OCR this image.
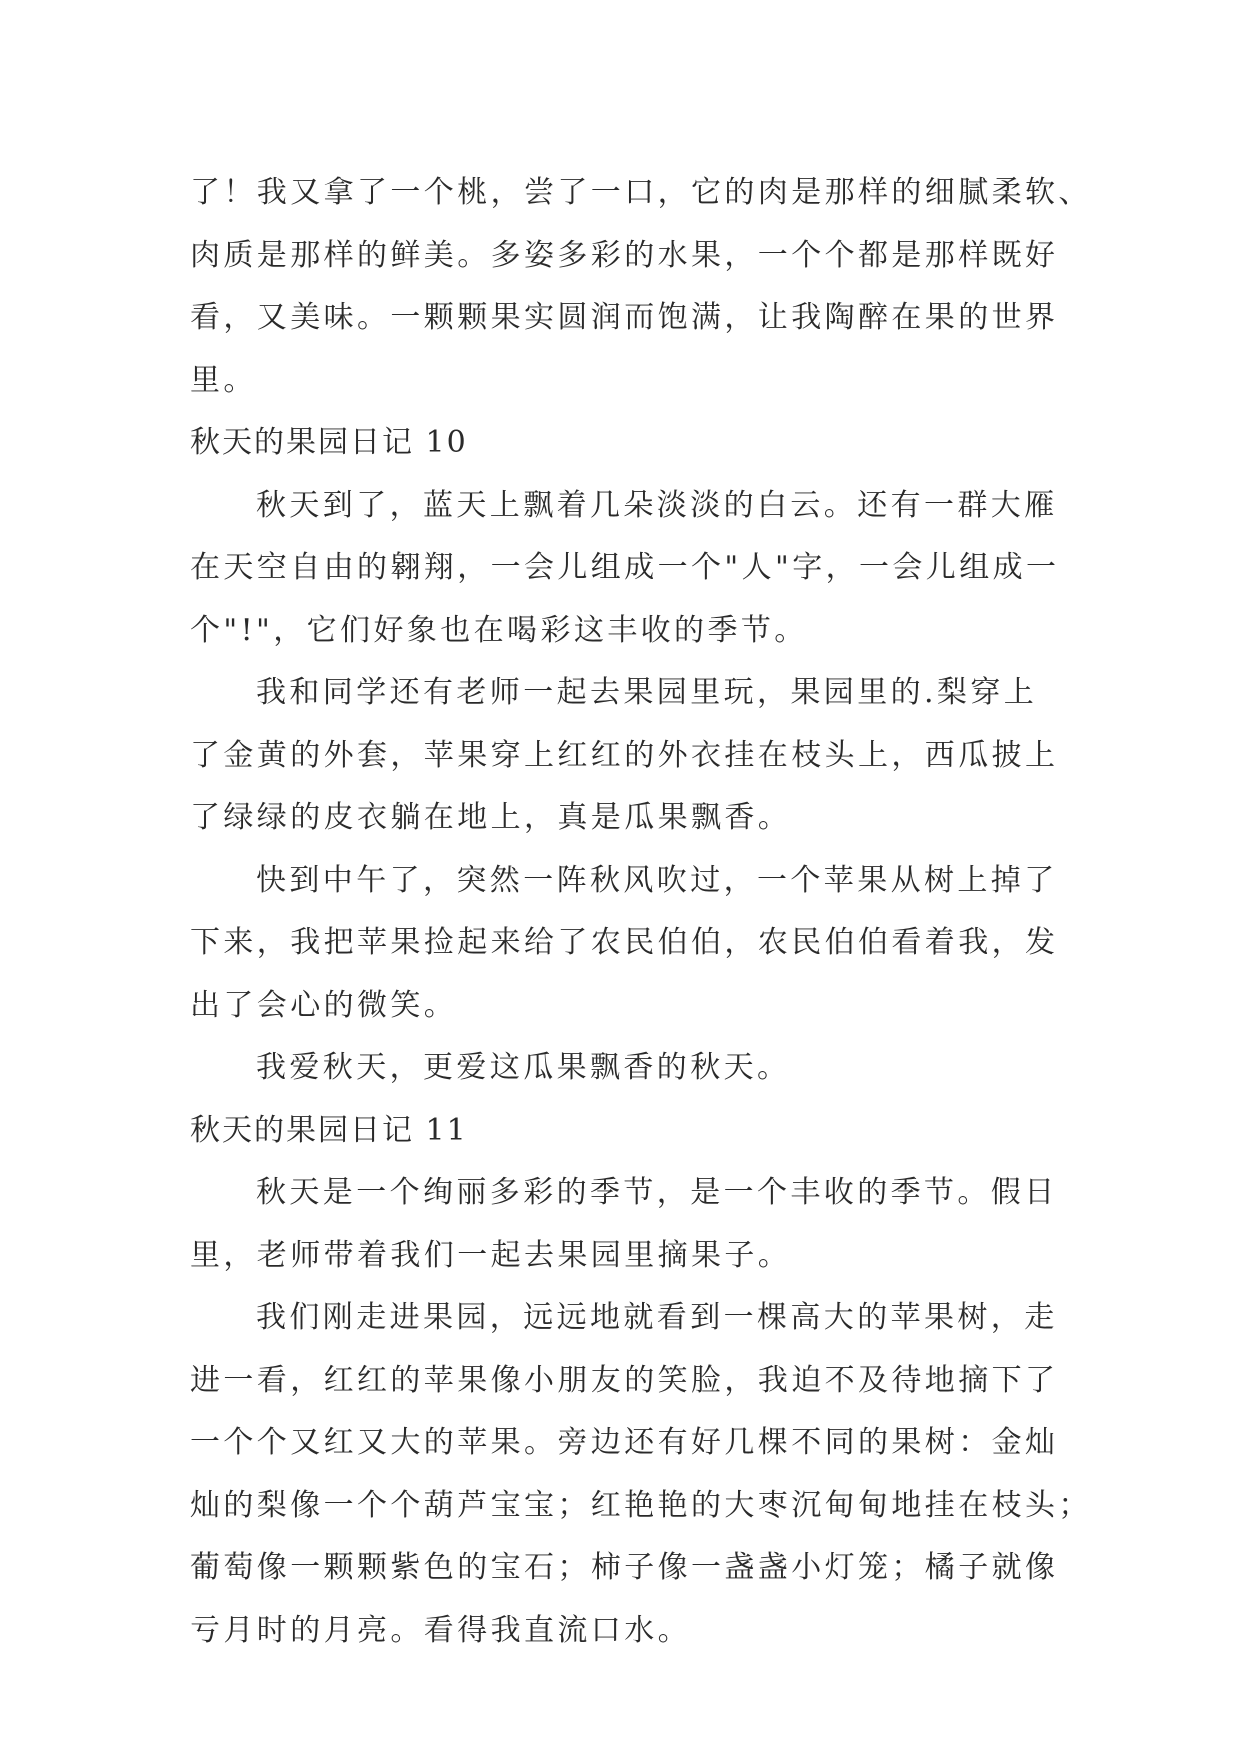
了！我又拿了一个桃，尝了一口，它的肉是那样的细腻柔软、
肉质是那样的鲜美。多姿多彩的水果，一个个都是那样既好
看，又美味。一颗颗果实圆润而饱满，让我陶醉在果的世界
里。
秋天的果园日记 10
秋天到了，蓝天上飘着几朵淡淡的白云。还有一群大雁
在天空自由的翱翔，一会儿组成一个"人"字，一会儿组成一
个"!"，它们好象也在喝彩这丰收的季节。
我和同学还有老师一起去果园里玩，果园里的.梨穿上
了金黄的外套，苹果穿上红红的外衣挂在枝头上，西瓜披上
了绿绿的皮衣躺在地上，真是瓜果飘香。
快到中午了，突然一阵秋风吹过，一个苹果从树上掉了
下来，我把苹果捡起来给了农民伯伯，农民伯伯看着我，发
出了会心的微笑。
我爱秋天，更爱这瓜果飘香的秋天。
秋天的果园日记 11
秋天是一个绚丽多彩的季节，是一个丰收的季节。假日
里，老师带着我们一起去果园里摘果子。
我们刚走进果园，远远地就看到一棵高大的苹果树，走
进一看，红红的苹果像小朋友的笑脸，我迫不及待地摘下了
一个个又红又大的苹果。旁边还有好几棵不同的果树：金灿
灿的梨像一个个葫芦宝宝；红艳艳的大枣沉甸甸地挂在枝头；
葡萄像一颗颗紫色的宝石；柿子像一盏盏小灯笼；橘子就像
亏月时的月亮。看得我直流口水。
